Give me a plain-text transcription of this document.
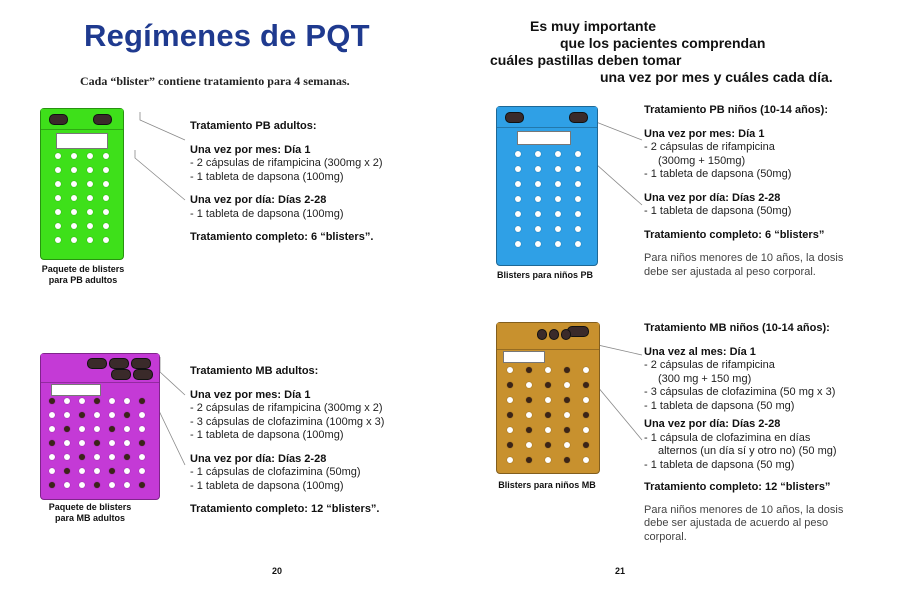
Regímenes de PQT
Cada “blister” contiene tratamiento para 4 semanas.
Paquete de blisters
para PB adultos
Tratamiento PB adultos:
Una vez por mes: Día 1
- 2 cápsulas de rifampicina (300mg x 2)
- 1 tableta de dapsona (100mg)
Una vez por día: Días 2-28
- 1 tableta de dapsona (100mg)
Tratamiento completo: 6 “blisters”.
Paquete de blisters
para MB adultos
Tratamiento MB adultos:
Una vez por mes: Día 1
- 2 cápsulas de rifampicina (300mg x 2)
- 3 cápsulas de clofazimina (100mg x 3)
- 1 tableta de dapsona (100mg)
Una vez por día: Días 2-28
- 1 cápsulas de clofazimina (50mg)
- 1 tableta de dapsona (100mg)
Tratamiento completo: 12 “blisters”.
20
Es muy importante
que los pacientes comprendan
cuáles pastillas deben tomar
una vez por mes y cuáles cada día.
Blisters para niños PB
Tratamiento PB niños (10-14 años):
Una vez por mes: Día 1
- 2 cápsulas de rifampicina
(300mg + 150mg)
- 1 tableta de dapsona (50mg)
Una vez por día: Días 2-28
- 1 tableta de dapsona (50mg)
Tratamiento completo: 6 “blisters”
Para niños menores de 10 años, la dosis
debe ser ajustada al peso corporal.
Blisters para niños MB
Tratamiento MB niños (10-14 años):
Una vez al mes: Día 1
- 2 cápsulas de rifampicina
(300 mg + 150 mg)
- 3 cápsulas de clofazimina (50 mg x 3)
- 1 tableta de dapsona (50 mg)
Una vez por día: Días 2-28
- 1 cápsula de clofazimina en días
alternos (un día sí y otro no) (50 mg)
- 1 tableta de dapsona (50 mg)
Tratamiento completo: 12 “blisters”
Para niños menores de 10 años, la dosis
debe ser ajustada de acuerdo al peso
corporal.
21
